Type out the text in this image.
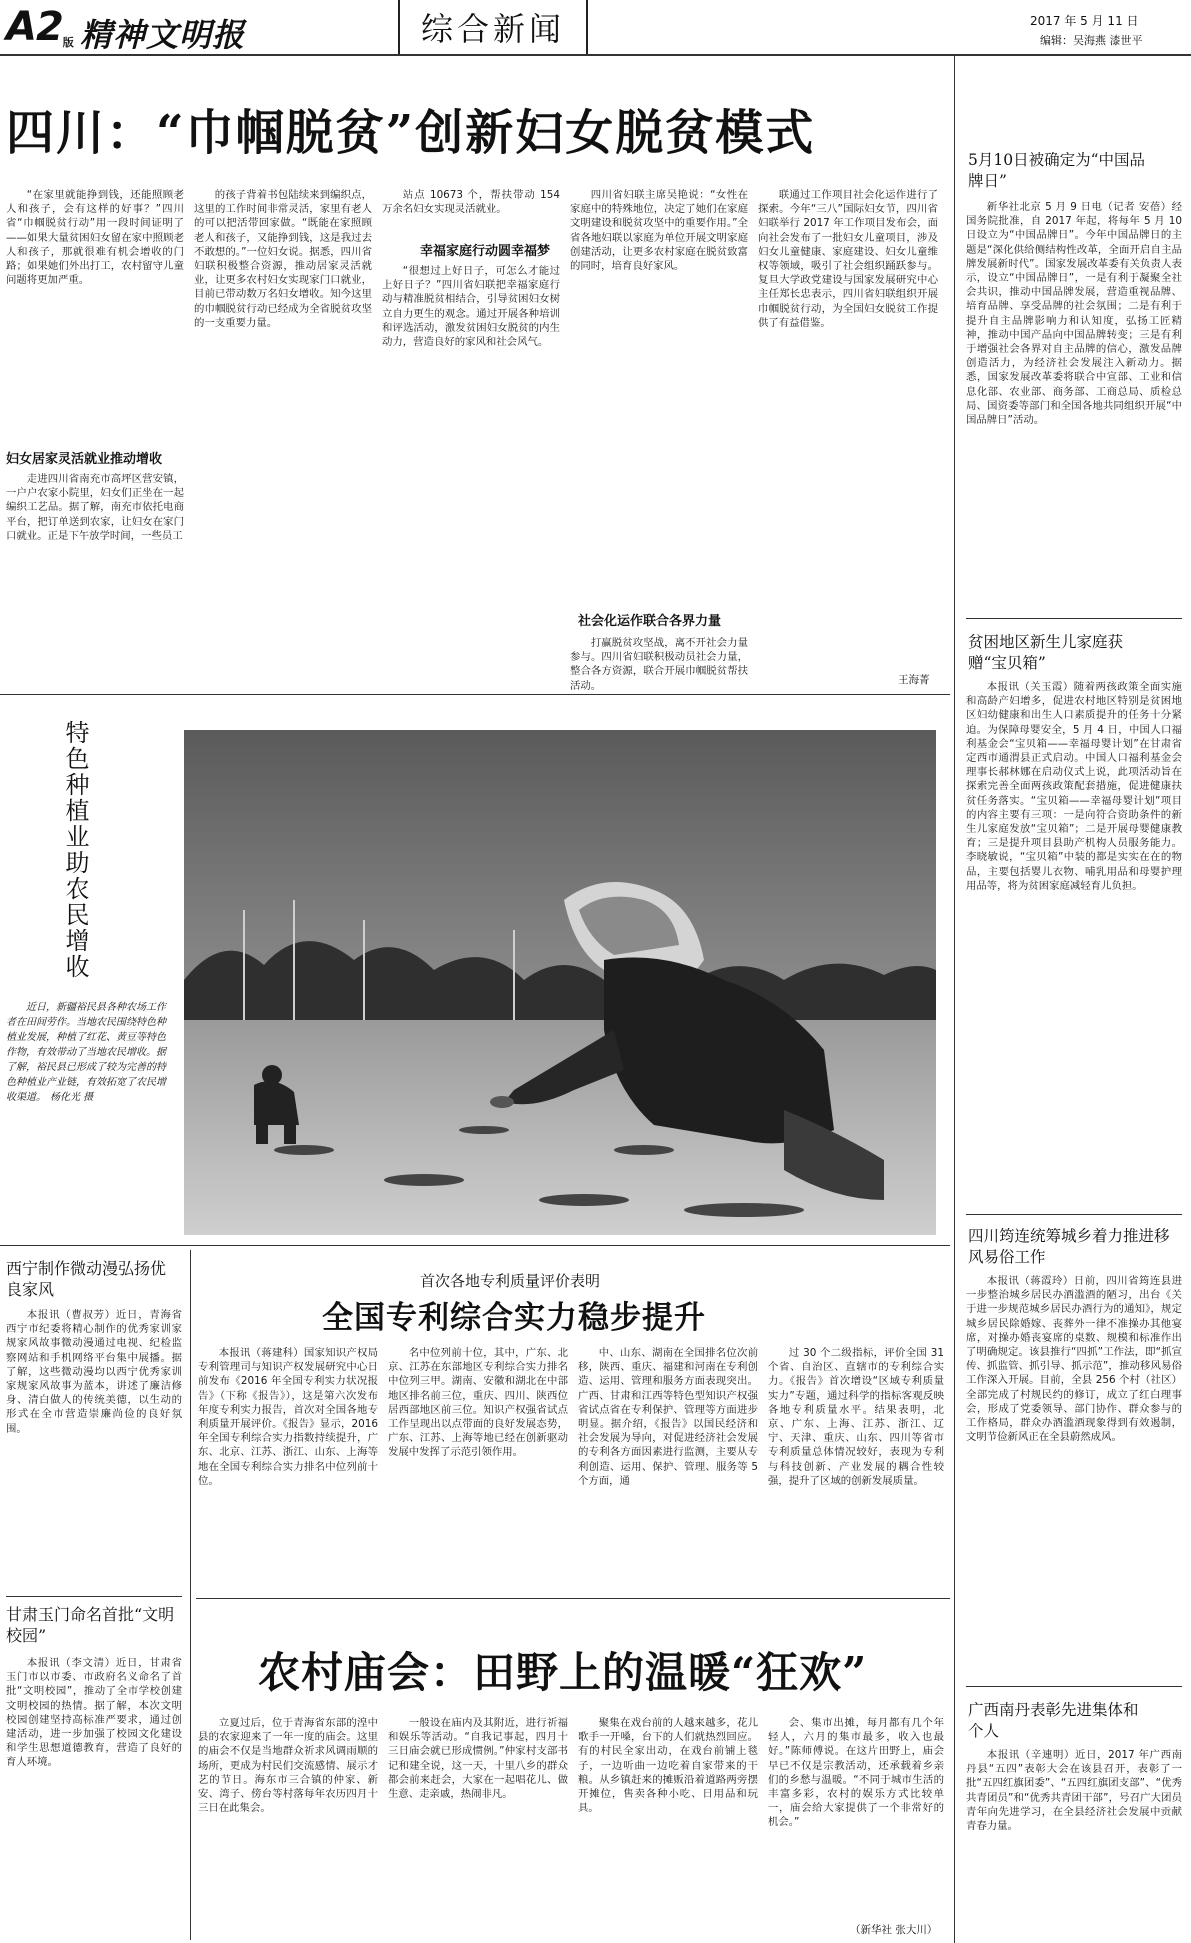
A2版 精神文明报	综合新闻	2017 年 5 月 11 日
编辑：吴海燕 漆世平
四川：“巾帼脱贫”创新妇女脱贫模式

“在家里就能挣到钱，还能照顾老人和孩子，会有这样的好事？”四川省“巾帼脱贫行动”用一段时间证明了——如果大量贫困妇女留在家中照顾老人和孩子，那就很难有机会增收的门路；如果她们外出打工，农村留守儿童问题将更加严重。

妇女居家灵活就业推动增收

走进四川省南充市高坪区营安镇，一户户农家小院里，妇女们正坐在一起编织工艺品。据了解，南充市依托电商平台，把订单送到农家，让妇女在家门口就业。正是下午放学时间，一些员工

的孩子背着书包陆续来到编织点，这里的工作时间非常灵活，家里有老人的可以把活带回家做。“既能在家照顾老人和孩子，又能挣到钱，这是我过去不敢想的。”一位妇女说。据悉，四川省妇联积极整合资源，推动居家灵活就业，让更多农村妇女实现家门口就业，目前已带动数万名妇女增收。知今这里的巾帼脱贫行动已经成为全省脱贫攻坚的一支重要力量。

站点 10673 个，帮扶带动 154 万余名妇女实现灵活就业。

幸福家庭行动圆幸福梦

“很想过上好日子，可怎么才能过上好日子？”四川省妇联把幸福家庭行动与精准脱贫相结合，引导贫困妇女树立自力更生的观念。通过开展各种培训和评选活动，激发贫困妇女脱贫的内生动力，营造良好的家风和社会风气。

四川省妇联主席吴艳说：“女性在家庭中的特殊地位，决定了她们在家庭文明建设和脱贫攻坚中的重要作用。”全省各地妇联以家庭为单位开展文明家庭创建活动，让更多农村家庭在脱贫致富的同时，培育良好家风。

社会化运作联合各界力量

打赢脱贫攻坚战，离不开社会力量参与。四川省妇联积极动员社会力量，整合各方资源，联合开展巾帼脱贫帮扶活动。

联通过工作项目社会化运作进行了探索。今年“三八”国际妇女节，四川省妇联举行 2017 年工作项目发布会，面向社会发布了一批妇女儿童项目，涉及妇女儿童健康、家庭建设、妇女儿童维权等领域，吸引了社会组织踊跃参与。复旦大学政党建设与国家发展研究中心主任郑长忠表示，四川省妇联组织开展巾帼脱贫行动，为全国妇女脱贫工作提供了有益借鉴。

王海菁
特色种植业助农民增收
近日，新疆裕民县各种农场工作者在田间劳作。当地农民围绕特色种植业发展，种植了红花、黄豆等特色作物，有效带动了当地农民增收。据了解，裕民县已形成了较为完善的特色种植业产业链，有效拓宽了农民增收渠道。 杨化光 摄
西宁制作微动漫弘扬优良家风

本报讯（曹叔芳）近日，青海省西宁市纪委将精心制作的优秀家训家规家风故事微动漫通过电视、纪检监察网站和手机网络平台集中展播。据了解，这些微动漫均以西宁优秀家训家规家风故事为蓝本，讲述了廉洁修身、清白做人的传统美德，以生动的形式在全市营造崇廉尚俭的良好氛围。

甘肃玉门命名首批“文明校园”

本报讯（李文清）近日，甘肃省玉门市以市委、市政府名义命名了首批“文明校园”，推动了全市学校创建文明校园的热情。据了解，本次文明校园创建坚持高标准严要求，通过创建活动，进一步加强了校园文化建设和学生思想道德教育，营造了良好的育人环境。

首次各地专利质量评价表明
全国专利综合实力稳步提升

本报讯（蒋建科）国家知识产权局专利管理司与知识产权发展研究中心日前发布《2016 年全国专利实力状况报告》（下称《报告》），这是第六次发布年度专利实力报告，首次对全国各地专利质量开展评价。《报告》显示，2016 年全国专利综合实力指数持续提升，广东、北京、江苏、浙江、山东、上海等地在全国专利综合实力排名中位列前十位。

名中位列前十位，其中，广东、北京、江苏在东部地区专利综合实力排名中位列三甲。湖南、安徽和湖北在中部地区排名前三位，重庆、四川、陕西位居西部地区前三位。知识产权强省试点工作呈现出以点带面的良好发展态势，广东、江苏、上海等地已经在创新驱动发展中发挥了示范引领作用。

中、山东、湖南在全国排名位次前移，陕西、重庆、福建和河南在专利创造、运用、管理和服务方面表现突出。广西、甘肃和江西等特色型知识产权强省试点省在专利保护、管理等方面进步明显。据介绍，《报告》以国民经济和社会发展为导向，对促进经济社会发展的专利各方面因素进行监测，主要从专利创造、运用、保护、管理、服务等 5 个方面，通

过 30 个二级指标，评价全国 31 个省、自治区、直辖市的专利综合实力。《报告》首次增设“区域专利质量实力”专题，通过科学的指标客观反映各地专利质量水平。结果表明，北京、广东、上海、江苏、浙江、辽宁、天津、重庆、山东、四川等省市专利质量总体情况较好，表现为专利与科技创新、产业发展的耦合性较强，提升了区域的创新发展质量。

农村庙会：田野上的温暖“狂欢”

立夏过后，位于青海省东部的湟中县的农家迎来了一年一度的庙会。这里的庙会不仅是当地群众祈求风调雨顺的场所，更成为村民们交流感情、展示才艺的节日。海东市三合镇的仲家、新安、湾子、傍台等村落每年农历四月十三日在此集会。

一般设在庙内及其附近，进行祈福和娱乐等活动。“自我记事起，四月十三日庙会就已形成惯例。”仲家村支部书记和建全说，这一天，十里八乡的群众都会前来赶会，大家在一起唱花儿、做生意、走亲戚，热闹非凡。

聚集在戏台前的人越来越多，花儿歌手一开嗓，台下的人们就热烈回应。有的村民全家出动，在戏台前铺上毯子，一边听曲一边吃着自家带来的干粮。从乡镇赶来的摊贩沿着道路两旁摆开摊位，售卖各种小吃、日用品和玩具。

会、集市出摊，每月都有几个年轻人，六月的集市最多，收入也最好。”陈师傅说。在这片田野上，庙会早已不仅是宗教活动，还承载着乡亲们的乡愁与温暖。“不同于城市生活的丰富多彩，农村的娱乐方式比较单一，庙会给大家提供了一个非常好的机会。”

（新华社 张大川）
5月10日被确定为“中国品牌日”

新华社北京 5 月 9 日电（记者 安蓓）经国务院批准，自 2017 年起，将每年 5 月 10 日设立为“中国品牌日”。今年中国品牌日的主题是“深化供给侧结构性改革，全面开启自主品牌发展新时代”。国家发展改革委有关负责人表示，设立“中国品牌日”，一是有利于凝聚全社会共识，推动中国品牌发展，营造重视品牌、培育品牌、享受品牌的社会氛围；二是有利于提升自主品牌影响力和认知度，弘扬工匠精神，推动中国产品向中国品牌转变；三是有利于增强社会各界对自主品牌的信心，激发品牌创造活力，为经济社会发展注入新动力。据悉，国家发展改革委将联合中宣部、工业和信息化部、农业部、商务部、工商总局、质检总局、国资委等部门和全国各地共同组织开展“中国品牌日”活动。

贫困地区新生儿家庭获赠“宝贝箱”

本报讯（关玉霞）随着两孩政策全面实施和高龄产妇增多，促进农村地区特别是贫困地区妇幼健康和出生人口素质提升的任务十分紧迫。为保障母婴安全，5 月 4 日，中国人口福利基金会“宝贝箱——幸福母婴计划”在甘肃省定西市通渭县正式启动。中国人口福利基金会理事长郝林娜在启动仪式上说，此项活动旨在探索完善全面两孩政策配套措施，促进健康扶贫任务落实。“宝贝箱——幸福母婴计划”项目的内容主要有三项：一是向符合资助条件的新生儿家庭发放“宝贝箱”；二是开展母婴健康教育；三是提升项目县助产机构人员服务能力。李晓敏说，“宝贝箱”中装的都是实实在在的物品，主要包括婴儿衣物、哺乳用品和母婴护理用品等，将为贫困家庭减轻育儿负担。

四川筠连统筹城乡着力推进移风易俗工作

本报讯（蒋霞玲）日前，四川省筠连县进一步整治城乡居民办酒滥酒的陋习，出台《关于进一步规范城乡居民办酒行为的通知》，规定城乡居民除婚嫁、丧葬外一律不准操办其他宴席，对操办婚丧宴席的桌数、规模和标准作出了明确规定。该县推行“四抓”工作法，即“抓宣传、抓监管、抓引导、抓示范”，推动移风易俗工作深入开展。目前，全县 256 个村（社区）全部完成了村规民约的修订，成立了红白理事会，形成了党委领导、部门协作、群众参与的工作格局，群众办酒滥酒现象得到有效遏制，文明节俭新风正在全县蔚然成风。

广西南丹表彰先进集体和个人

本报讯（辛連明）近日，2017 年广西南丹县“五四”表彰大会在该县召开，表彰了一批“五四红旗团委”、“五四红旗团支部”、“优秀共青团员”和“优秀共青团干部”，号召广大团员青年向先进学习，在全县经济社会发展中贡献青春力量。
